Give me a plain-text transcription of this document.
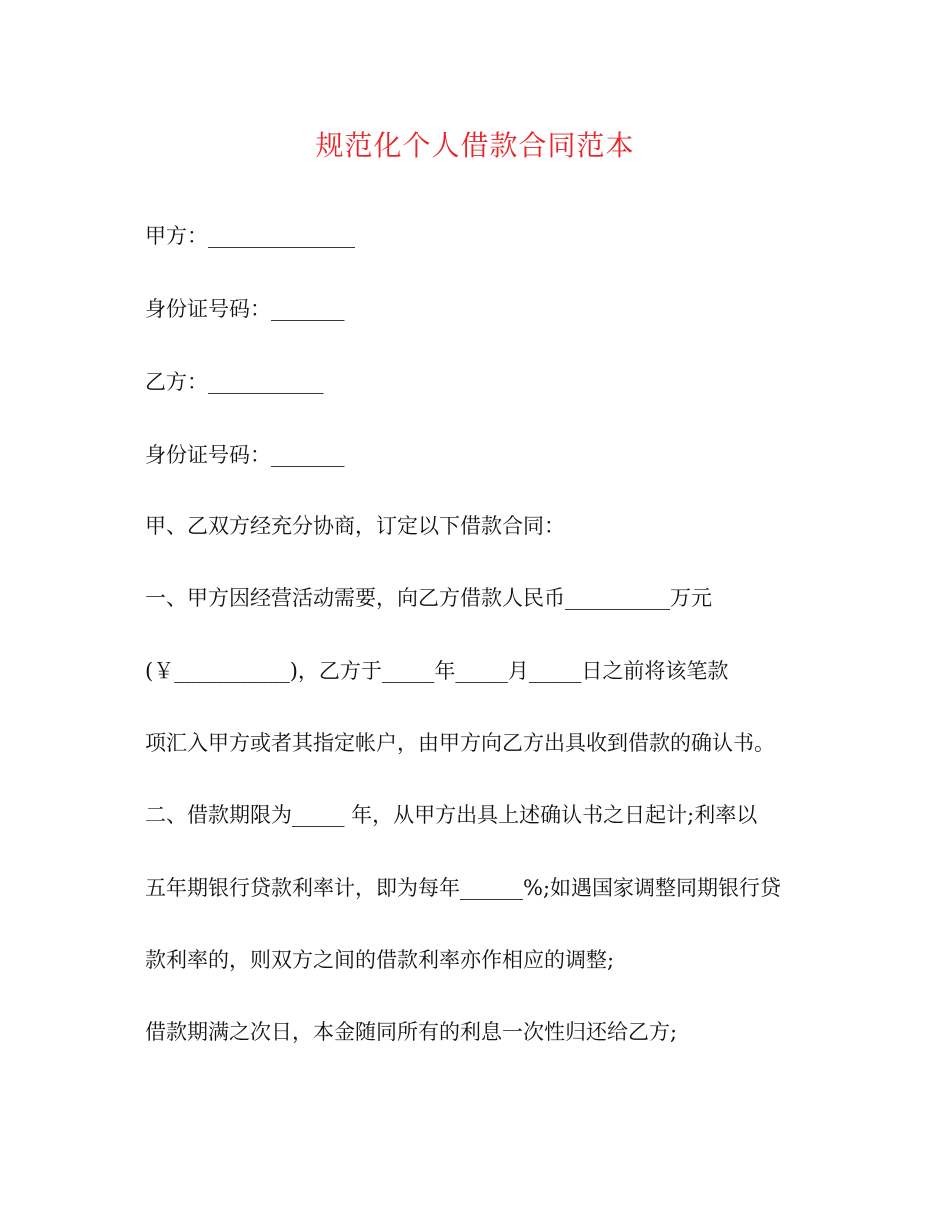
规范化个人借款合同范本
甲方：______________
身份证号码：_______
乙方：___________
身份证号码：_______
甲、乙双方经充分协商，订定以下借款合同：
一、甲方因经营活动需要，向乙方借款人民币__________万元
(￥___________)，乙方于_____年_____月_____日之前将该笔款
项汇入甲方或者其指定帐户，由甲方向乙方出具收到借款的确认书。
二、借款期限为_____ 年，从甲方出具上述确认书之日起计;利率以
五年期银行贷款利率计，即为每年______%;如遇国家调整同期银行贷
款利率的，则双方之间的借款利率亦作相应的调整;
借款期满之次日，本金随同所有的利息一次性归还给乙方;
